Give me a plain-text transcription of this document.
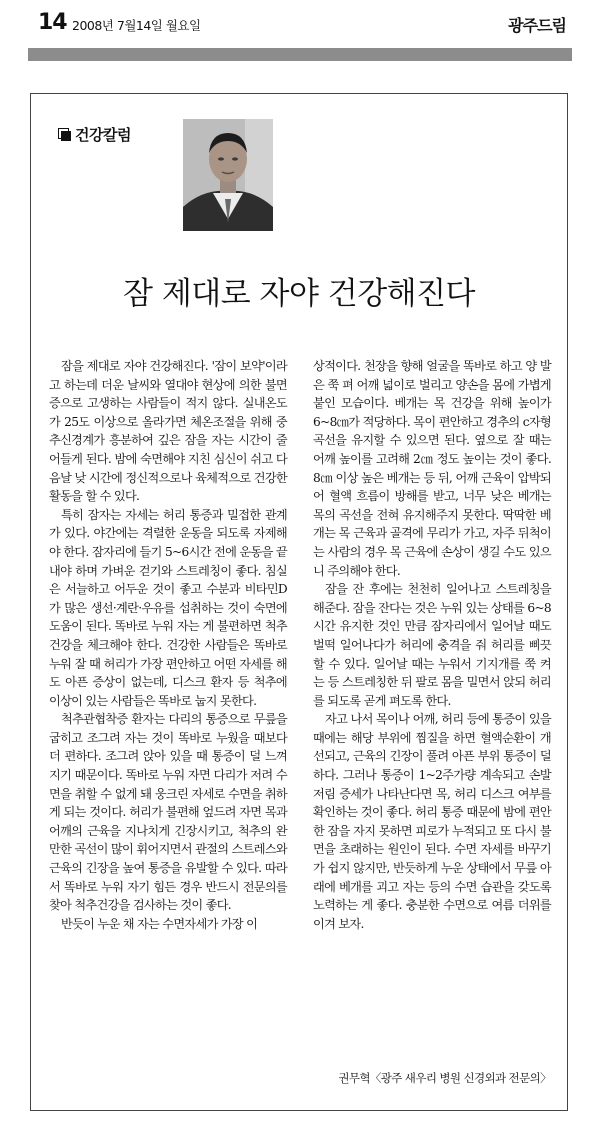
14 2008년 7월14일 월요일	광주드림
건강칼럼
잠 제대로 자야 건강해진다

잠을 제대로 자야 건강해진다. '잠이 보약'이라고 하는데 더운 날씨와 열대야 현상에 의한 불면증으로 고생하는 사람들이 적지 않다. 실내온도가 25도 이상으로 올라가면 체온조절을 위해 중추신경계가 흥분하여 깊은 잠을 자는 시간이 줄어들게 된다. 밤에 숙면해야 지친 심신이 쉬고 다음날 낮 시간에 정신적으로나 육체적으로 건강한 활동을 할 수 있다.

특히 잠자는 자세는 허리 통증과 밀접한 관계가 있다. 야간에는 격렬한 운동을 되도록 자제해야 한다. 잠자리에 들기 5~6시간 전에 운동을 끝내야 하며 가벼운 걷기와 스트레칭이 좋다. 침실은 서늘하고 어두운 것이 좋고 수분과 비타민D가 많은 생선·계란·우유를 섭취하는 것이 숙면에 도움이 된다. 똑바로 누워 자는 게 불편하면 척추건강을 체크해야 한다. 건강한 사람들은 똑바로 누워 잘 때 허리가 가장 편안하고 어떤 자세를 해도 아픈 증상이 없는데, 디스크 환자 등 척추에 이상이 있는 사람들은 똑바로 눕지 못한다.

척추관협착증 환자는 다리의 통증으로 무릎을 굽히고 조그려 자는 것이 똑바로 누웠을 때보다 더 편하다. 조그려 앉아 있을 때 통증이 덜 느껴지기 때문이다. 똑바로 누워 자면 다리가 저려 수면을 취할 수 없게 돼 웅크린 자세로 수면을 취하게 되는 것이다. 허리가 불편해 엎드려 자면 목과 어깨의 근육을 지나치게 긴장시키고, 척추의 완만한 곡선이 많이 휘어지면서 관절의 스트레스와 근육의 긴장을 높여 통증을 유발할 수 있다. 따라서 똑바로 누워 자기 힘든 경우 반드시 전문의를 찾아 척추건강을 검사하는 것이 좋다.

반듯이 누운 채 자는 수면자세가 가장 이

상적이다. 천장을 향해 얼굴을 똑바로 하고 양 발은 쭉 펴 어깨 넓이로 벌리고 양손을 몸에 가볍게 붙인 모습이다. 베개는 목 건강을 위해 높이가 6~8㎝가 적당하다. 목이 편안하고 경추의 c자형 곡선을 유지할 수 있으면 된다. 옆으로 잘 때는 어깨 높이를 고려해 2㎝ 정도 높이는 것이 좋다. 8㎝ 이상 높은 베개는 등 뒤, 어깨 근육이 압박되어 혈액 흐름이 방해를 받고, 너무 낮은 베개는 목의 곡선을 전혀 유지해주지 못한다. 딱딱한 베개는 목 근육과 골격에 무리가 가고, 자주 뒤척이는 사람의 경우 목 근육에 손상이 생길 수도 있으니 주의해야 한다.

잠을 잔 후에는 천천히 일어나고 스트레칭을 해준다. 잠을 잔다는 것은 누워 있는 상태를 6~8시간 유지한 것인 만큼 잠자리에서 일어날 때도 벌떡 일어나다가 허리에 충격을 줘 허리를 삐끗할 수 있다. 일어날 때는 누워서 기지개를 쭉 켜는 등 스트레칭한 뒤 팔로 몸을 밀면서 앉되 허리를 되도록 곧게 펴도록 한다.

자고 나서 목이나 어깨, 허리 등에 통증이 있을 때에는 해당 부위에 찜질을 하면 혈액순환이 개선되고, 근육의 긴장이 풀려 아픈 부위 통증이 덜하다. 그러나 통증이 1~2주가량 계속되고 손발 저림 증세가 나타난다면 목, 허리 디스크 여부를 확인하는 것이 좋다. 허리 통증 때문에 밤에 편안한 잠을 자지 못하면 피로가 누적되고 또 다시 불면을 초래하는 원인이 된다. 수면 자세를 바꾸기가 쉽지 않지만, 반듯하게 누운 상태에서 무릎 아래에 베개를 괴고 자는 등의 수면 습관을 갖도록 노력하는 게 좋다. 충분한 수면으로 여름 더위를 이겨 보자.

권무혁〈광주 새우리 병원 신경외과 전문의〉
